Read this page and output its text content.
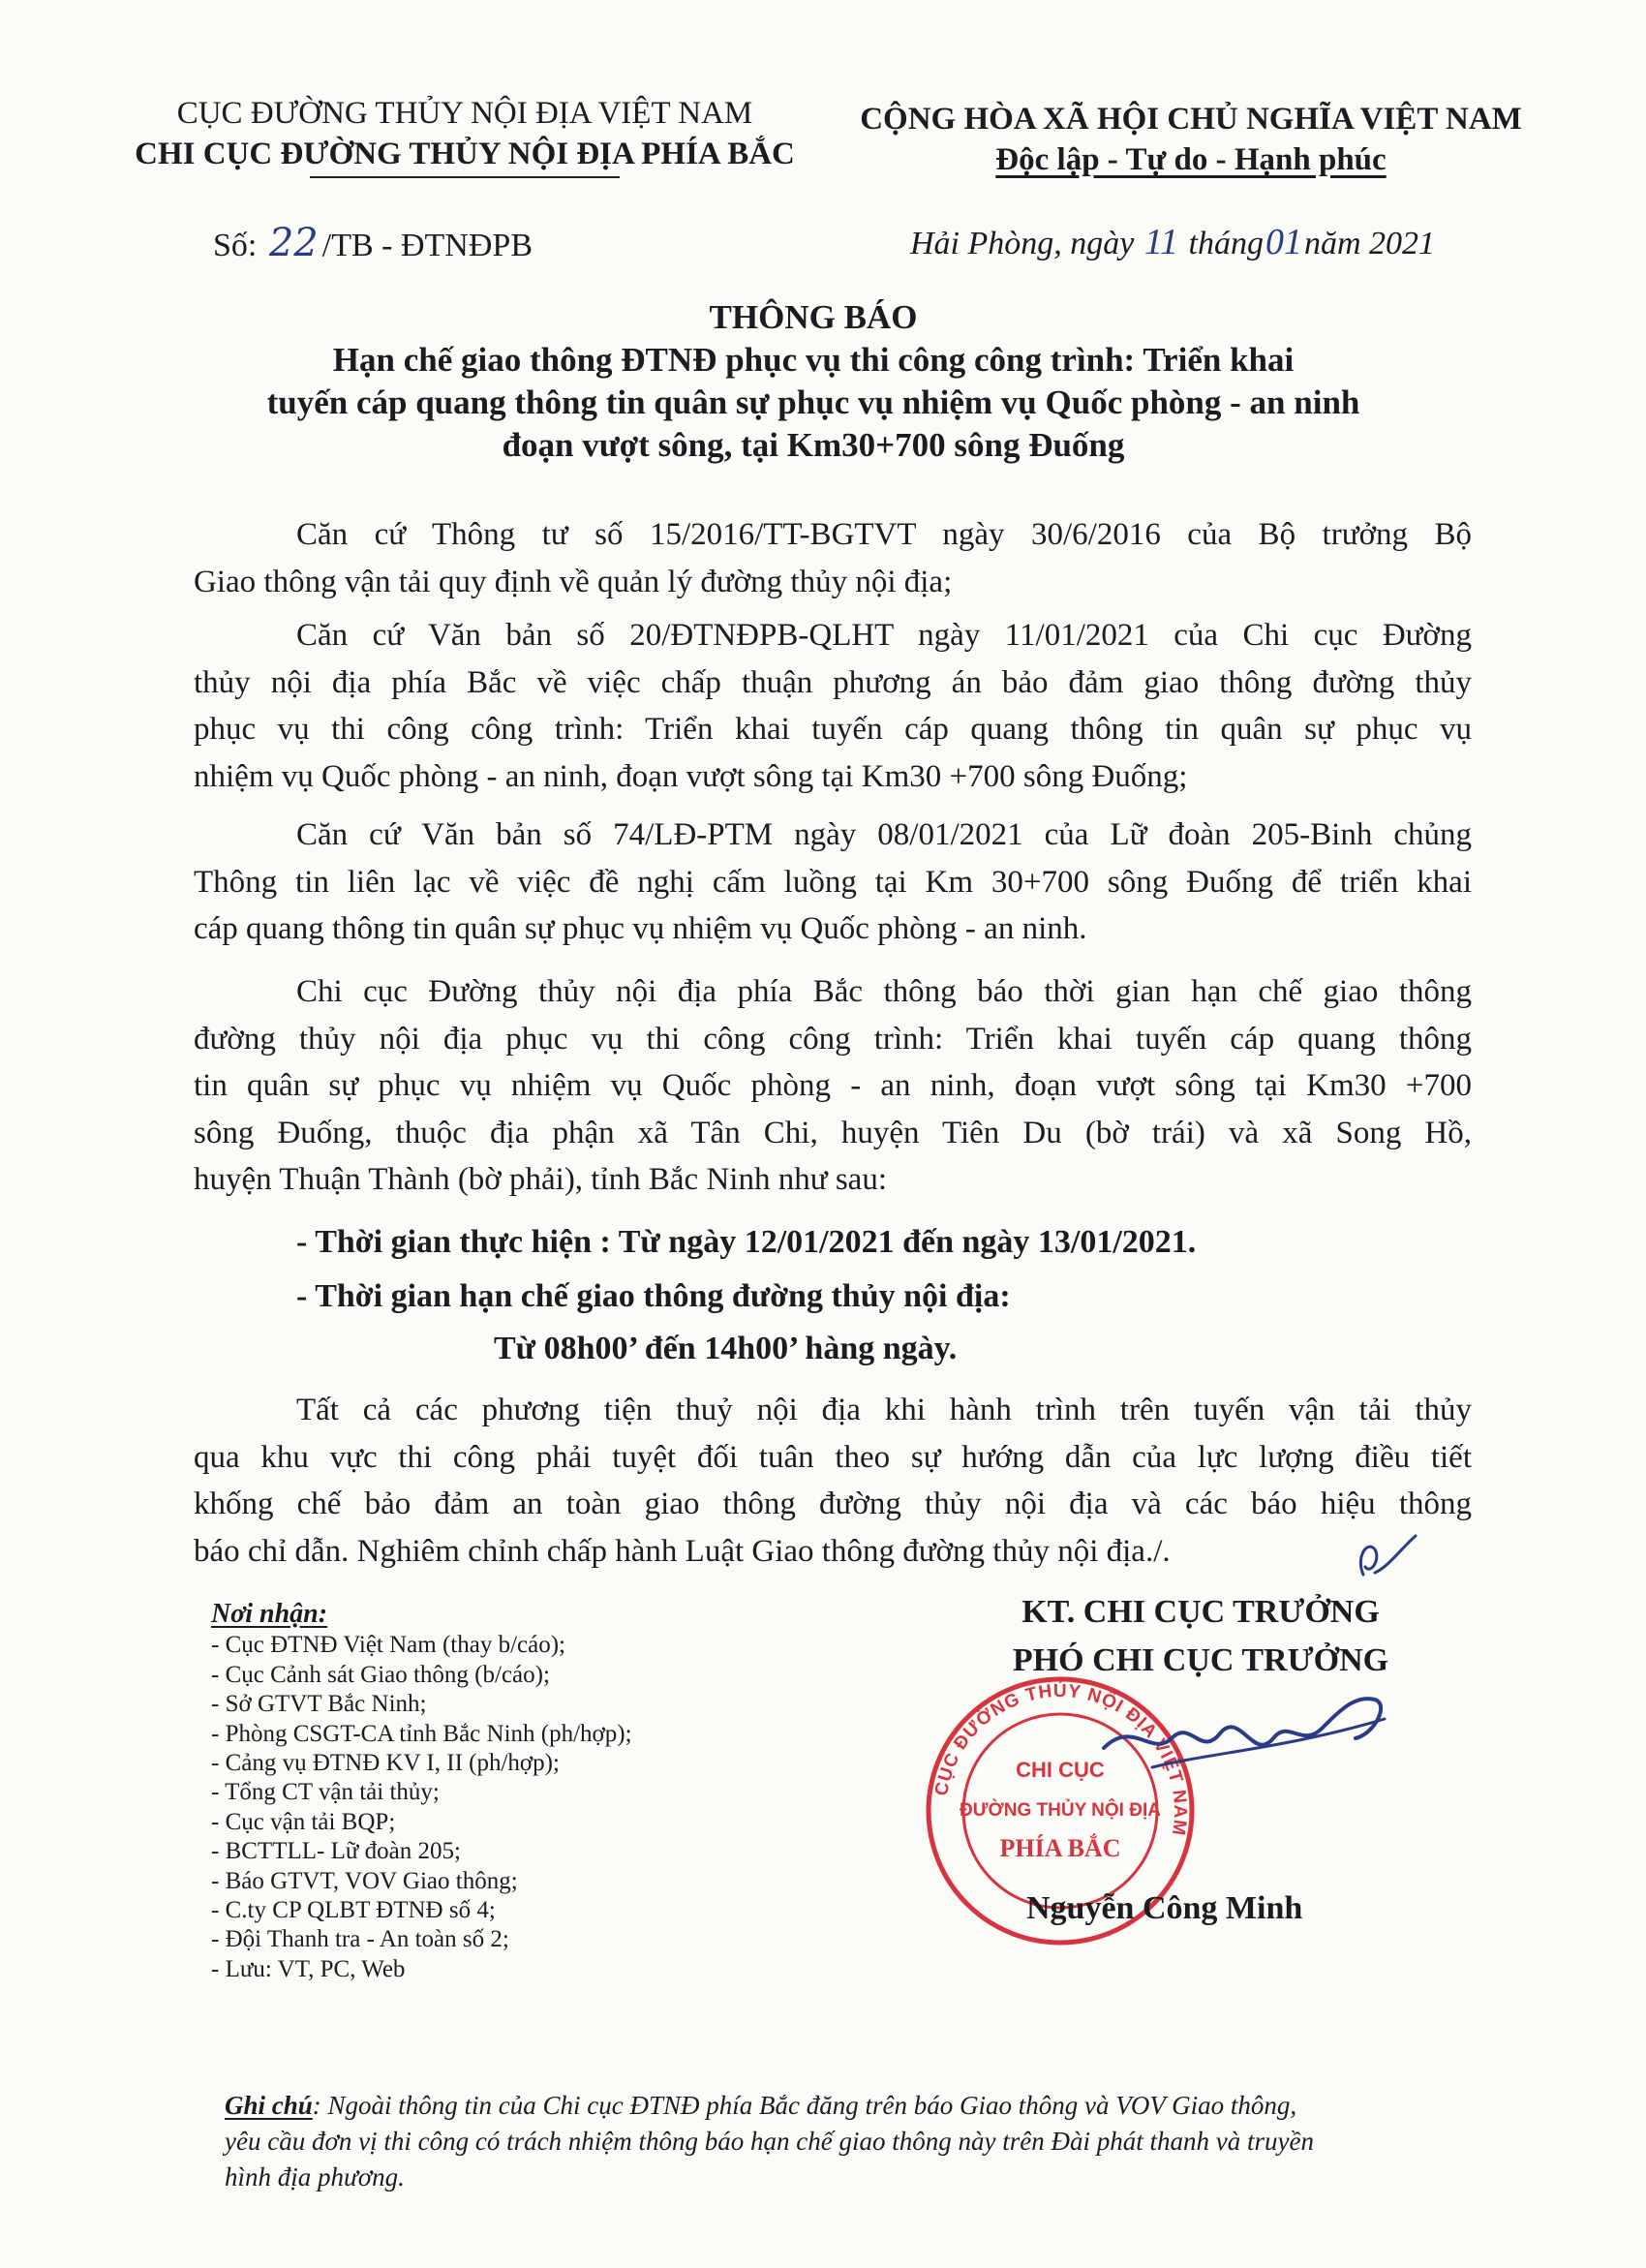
CỤC ĐƯỜNG THỦY NỘI ĐỊA VIỆT NAM
CHI CỤC ĐƯỜNG THỦY NỘI ĐỊA PHÍA BẮC
CỘNG HÒA XÃ HỘI CHỦ NGHĨA VIỆT NAM
Độc lập - Tự do - Hạnh phúc
Số: 22 /TB - ĐTNĐPB	Hải Phòng, ngày 11 tháng01năm 2021
THÔNG BÁO
Hạn chế giao thông ĐTNĐ phục vụ thi công công trình: Triển khai
tuyến cáp quang thông tin quân sự phục vụ nhiệm vụ Quốc phòng - an ninh
đoạn vượt sông, tại Km30+700 sông Đuống
Căn cứ Thông tư số 15/2016/TT-BGTVT ngày 30/6/2016 của Bộ trưởng Bộ
Giao thông vận tải quy định về quản lý đường thủy nội địa;
Căn cứ Văn bản số 20/ĐTNĐPB-QLHT ngày 11/01/2021 của Chi cục Đường
thủy nội địa phía Bắc về việc chấp thuận phương án bảo đảm giao thông đường thủy
phục vụ thi công công trình: Triển khai tuyến cáp quang thông tin quân sự phục vụ
nhiệm vụ Quốc phòng - an ninh, đoạn vượt sông tại Km30 +700 sông Đuống;
Căn cứ Văn bản số 74/LĐ-PTM ngày 08/01/2021 của Lữ đoàn 205-Binh chủng
Thông tin liên lạc về việc đề nghị cấm luồng tại Km 30+700 sông Đuống để triển khai
cáp quang thông tin quân sự phục vụ nhiệm vụ Quốc phòng - an ninh.
Chi cục Đường thủy nội địa phía Bắc thông báo thời gian hạn chế giao thông
đường thủy nội địa phục vụ thi công công trình: Triển khai tuyến cáp quang thông
tin quân sự phục vụ nhiệm vụ Quốc phòng - an ninh, đoạn vượt sông tại Km30 +700
sông Đuống, thuộc địa phận xã Tân Chi, huyện Tiên Du (bờ trái) và xã Song Hồ,
huyện Thuận Thành (bờ phải), tỉnh Bắc Ninh như sau:
- Thời gian thực hiện : Từ ngày 12/01/2021 đến ngày 13/01/2021.
- Thời gian hạn chế giao thông đường thủy nội địa:
Từ 08h00’ đến 14h00’ hàng ngày.
Tất cả các phương tiện thuỷ nội địa khi hành trình trên tuyến vận tải thủy
qua khu vực thi công phải tuyệt đối tuân theo sự hướng dẫn của lực lượng điều tiết
khống chế bảo đảm an toàn giao thông đường thủy nội địa và các báo hiệu thông
báo chỉ dẫn. Nghiêm chỉnh chấp hành Luật Giao thông đường thủy nội địa./.
Nơi nhận:
- Cục ĐTNĐ Việt Nam (thay b/cáo);
- Cục Cảnh sát Giao thông (b/cáo);
- Sở GTVT Bắc Ninh;
- Phòng CSGT-CA tỉnh Bắc Ninh (ph/hợp);
- Cảng vụ ĐTNĐ KV I, II (ph/hợp);
- Tổng CT vận tải thủy;
- Cục vận tải BQP;
- BCTTLL- Lữ đoàn 205;
- Báo GTVT, VOV Giao thông;
- C.ty CP QLBT ĐTNĐ số 4;
- Đội Thanh tra - An toàn số 2;
- Lưu: VT, PC, Web
KT. CHI CỤC TRƯỞNG
PHÓ CHI CỤC TRƯỞNG
CỤC ĐƯỜNG THỦY NỘI ĐỊA VIỆT NAM
CHI CỤC
ĐƯỜNG THỦY NỘI ĐỊA
PHÍA BẮC
Nguyễn Công Minh
Ghi chú: Ngoài thông tin của Chi cục ĐTNĐ phía Bắc đăng trên báo Giao thông và VOV Giao thông,
yêu cầu đơn vị thi công có trách nhiệm thông báo hạn chế giao thông này trên Đài phát thanh và truyền
hình địa phương.
